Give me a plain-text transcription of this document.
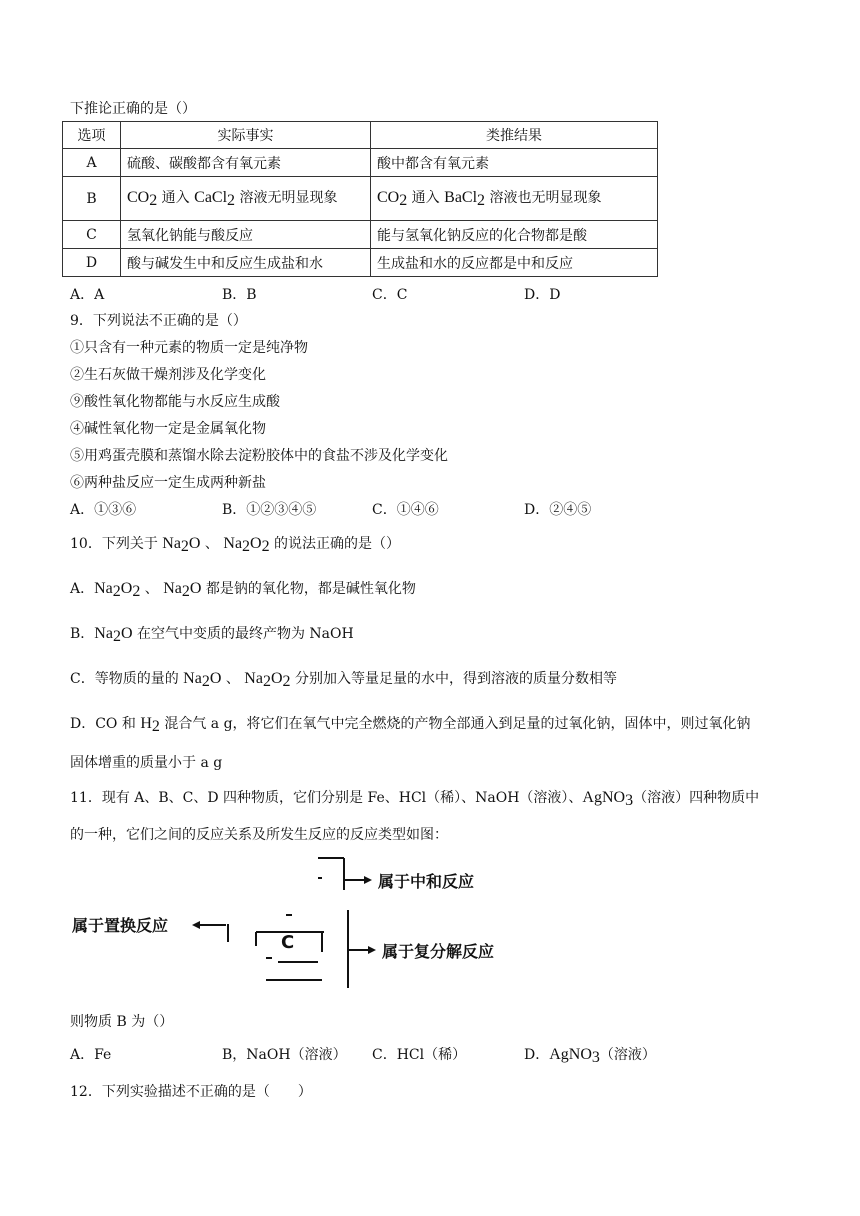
下推论正确的是（）
选项	实际事实	类推结果
A	硫酸、碳酸都含有氧元素	酸中都含有氧元素
B	CO2 通入 CaCl2 溶液无明显现象	CO2 通入 BaCl2 溶液也无明显现象
C	氢氧化钠能与酸反应	能与氢氧化钠反应的化合物都是酸
D	酸与碱发生中和反应生成盐和水	生成盐和水的反应都是中和反应
A．A	B．B	C．C	D．D
9．下列说法不正确的是（）
①只含有一种元素的物质一定是纯净物
②生石灰做干燥剂涉及化学变化
⑨酸性氧化物都能与水反应生成酸
④碱性氧化物一定是金属氧化物
⑤用鸡蛋壳膜和蒸馏水除去淀粉胶体中的食盐不涉及化学变化
⑥两种盐反应一定生成两种新盐
A．①③⑥	B．①②③④⑤	C．①④⑥	D．②④⑤
10．下列关于 Na2O 、 Na2O2 的说法正确的是（）
A．Na2O2 、 Na2O 都是钠的氧化物，都是碱性氧化物
B．Na2O 在空气中变质的最终产物为 NaOH
C．等物质的量的 Na2O 、 Na2O2 分别加入等量足量的水中，得到溶液的质量分数相等
D．CO 和 H2 混合气 a g，将它们在氧气中完全燃烧的产物全部通入到足量的过氧化钠，固体中，则过氧化钠
固体增重的质量小于 a g
11．现有 A、B、C、D 四种物质，它们分别是 Fe、HCl（稀）、NaOH（溶液）、AgNO3（溶液）四种物质中
的一种，它们之间的反应关系及所发生反应的反应类型如图：
属于中和反应
属于置换反应
属于复分解反应
C
则物质 B 为（）
A．Fe	B，NaOH（溶液） C．HCl（稀）	D．AgNO3（溶液）
12．下列实验描述不正确的是（　　）
